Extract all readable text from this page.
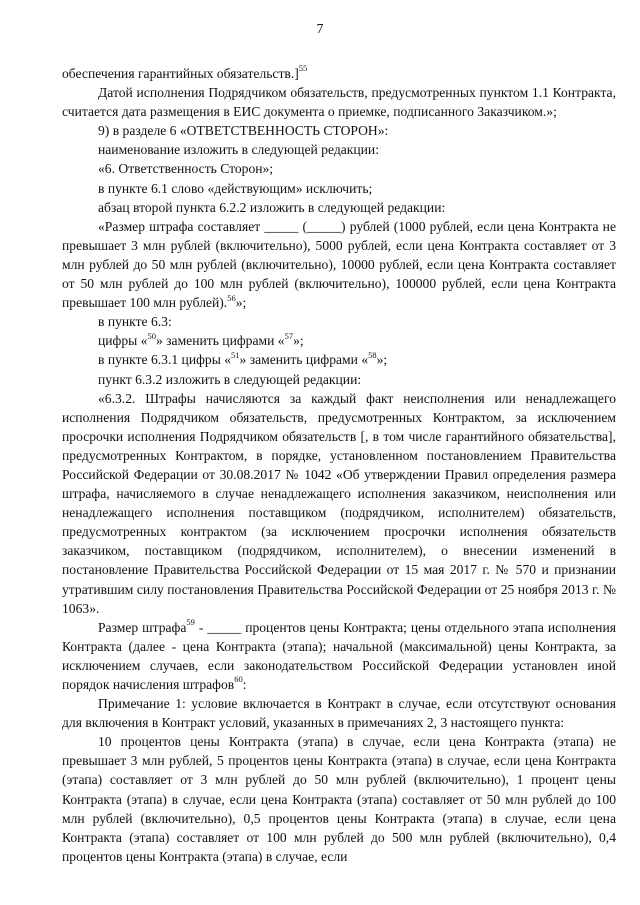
7

обеспечения гарантийных обязательств.]$^{55}$

Датой исполнения Подрядчиком обязательств, предусмотренных пунктом 1.1 Контракта, считается дата размещения в ЕИС документа о приемке, подписанного Заказчиком.»;

9) в разделе 6 «ОТВЕТСТВЕННОСТЬ СТОРОН»:

наименование изложить в следующей редакции:

«6. Ответственность Сторон»;

в пункте 6.1 слово «действующим» исключить;

абзац второй пункта 6.2.2 изложить в следующей редакции:

«Размер штрафа составляет _____ (_____) рублей (1000 рублей, если цена Контракта не превышает 3 млн рублей (включительно), 5000 рублей, если цена Контракта составляет от 3 млн рублей до 50 млн рублей (включительно), 10000 рублей, если цена Контракта составляет от 50 млн рублей до 100 млн рублей (включительно), 100000 рублей, если цена Контракта превышает 100 млн рублей).$^{56}$»;

в пункте 6.3:

цифры «$^{50}$» заменить цифрами «$^{57}$»;

в пункте 6.3.1 цифры «$^{51}$» заменить цифрами «$^{58}$»;

пункт 6.3.2 изложить в следующей редакции:

«6.3.2. Штрафы начисляются за каждый факт неисполнения или ненадлежащего исполнения Подрядчиком обязательств, предусмотренных Контрактом, за исключением просрочки исполнения Подрядчиком обязательств [, в том числе гарантийного обязательства], предусмотренных Контрактом, в порядке, установленном постановлением Правительства Российской Федерации от 30.08.2017 № 1042 «Об утверждении Правил определения размера штрафа, начисляемого в случае ненадлежащего исполнения заказчиком, неисполнения или ненадлежащего исполнения поставщиком (подрядчиком, исполнителем) обязательств, предусмотренных контрактом (за исключением просрочки исполнения обязательств заказчиком, поставщиком (подрядчиком, исполнителем), о внесении изменений в постановление Правительства Российской Федерации от 15 мая 2017 г. № 570 и признании утратившим силу постановления Правительства Российской Федерации от 25 ноября 2013 г. № 1063».

Размер штрафа$^{59}$ - _____ процентов цены Контракта; цены отдельного этапа исполнения Контракта (далее - цена Контракта (этапа); начальной (максимальной) цены Контракта, за исключением случаев, если законодательством Российской Федерации установлен иной порядок начисления штрафов$^{60}$:

Примечание 1: условие включается в Контракт в случае, если отсутствуют основания для включения в Контракт условий, указанных в примечаниях 2, 3 настоящего пункта:

10 процентов цены Контракта (этапа) в случае, если цена Контракта (этапа) не превышает 3 млн рублей, 5 процентов цены Контракта (этапа) в случае, если цена Контракта (этапа) составляет от 3 млн рублей до 50 млн рублей (включительно), 1 процент цены Контракта (этапа) в случае, если цена Контракта (этапа) составляет от 50 млн рублей до 100 млн рублей (включительно), 0,5 процентов цены Контракта (этапа) в случае, если цена Контракта (этапа) составляет от 100 млн рублей до 500 млн рублей (включительно), 0,4 процентов цены Контракта (этапа) в случае, если
